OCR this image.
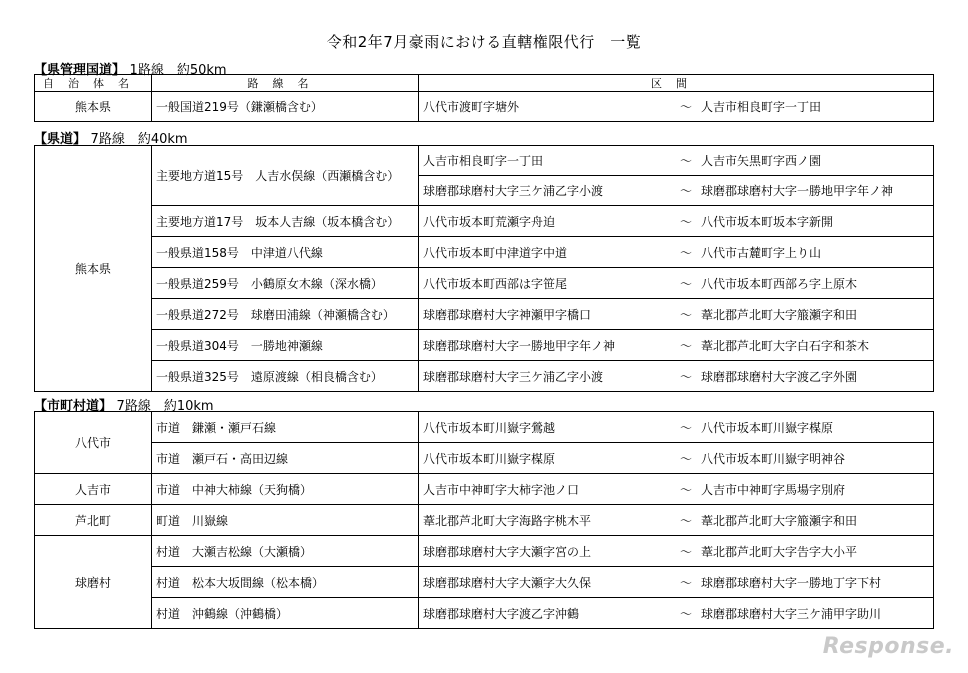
令和2年7月豪雨における直轄権限代行　一覧
【県管理国道】 1路線　約50km
自治体名	路線名	区間
熊本県	一般国道219号（鎌瀬橋含む）	八代市渡町字塘外 ～ 人吉市相良町字一丁田
【県道】 7路線　約40km
熊本県	主要地方道15号　人吉水俣線（西瀬橋含む）	人吉市相良町字一丁田 ～ 人吉市矢黒町字西ノ園

		球磨郡球磨村大字三ケ浦乙字小渡 ～ 球磨郡球磨村大字一勝地甲字年ノ神

	主要地方道17号　坂本人吉線（坂本橋含む）	八代市坂本町荒瀬字舟迫 ～ 八代市坂本町坂本字新開

	一般県道158号　中津道八代線	八代市坂本町中津道字中道 ～ 八代市古麓町字上り山

	一般県道259号　小鶴原女木線（深水橋）	八代市坂本町西部は字笹尾 ～ 八代市坂本町西部ろ字上原木

	一般県道272号　球磨田浦線（神瀬橋含む）	球磨郡球磨村大字神瀬甲字橋口 ～ 葦北郡芦北町大字箙瀬字和田

	一般県道304号　一勝地神瀬線	球磨郡球磨村大字一勝地甲字年ノ神 ～ 葦北郡芦北町大字白石字和茶木

	一般県道325号　遠原渡線（相良橋含む）	球磨郡球磨村大字三ケ浦乙字小渡 ～ 球磨郡球磨村大字渡乙字外園
【市町村道】 7路線　約10km
八代市	市道　鎌瀬・瀬戸石線	八代市坂本町川嶽字鶯越 ～ 八代市坂本町川嶽字楳原

	市道　瀬戸石・高田辺線	八代市坂本町川嶽字楳原 ～ 八代市坂本町川嶽字明神谷

人吉市	市道　中神大柿線（天狗橋）	人吉市中神町字大柿字池ノ口 ～ 人吉市中神町字馬場字別府

芦北町	町道　川嶽線	葦北郡芦北町大字海路字桃木平 ～ 葦北郡芦北町大字箙瀬字和田

球磨村	村道　大瀬吉松線（大瀬橋）	球磨郡球磨村大字大瀬字宮の上 ～ 葦北郡芦北町大字告字大小平

	村道　松本大坂間線（松本橋）	球磨郡球磨村大字大瀬字大久保 ～ 球磨郡球磨村大字一勝地丁字下村

	村道　沖鶴線（沖鶴橋）	球磨郡球磨村大字渡乙字沖鶴 ～ 球磨郡球磨村大字三ケ浦甲字助川
Response.
